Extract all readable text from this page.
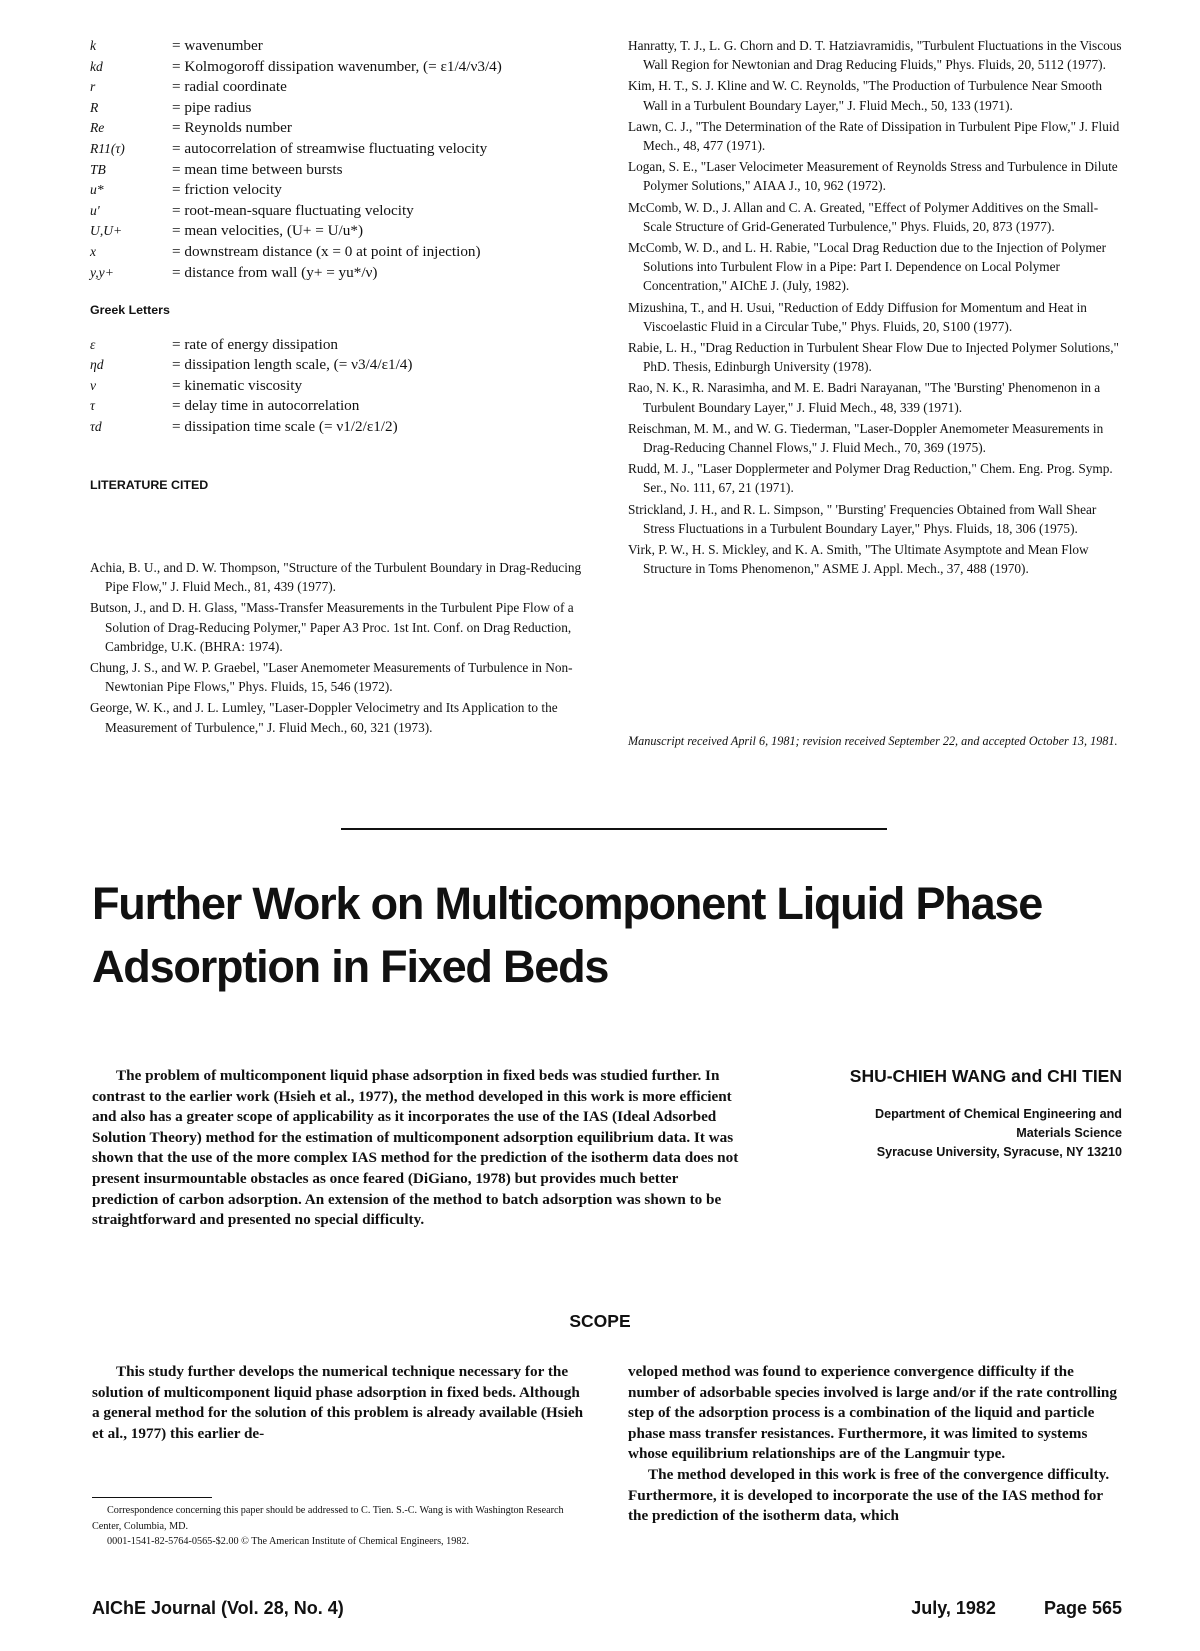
k	= wavenumber
kd	= Kolmogoroff dissipation wavenumber, (= ε1/4/ν3/4)
r	= radial coordinate
R	= pipe radius
Re	= Reynolds number
R11(τ)	= autocorrelation of streamwise fluctuating velocity
TB	= mean time between bursts
u*	= friction velocity
u'	= root-mean-square fluctuating velocity
U,U+	= mean velocities, (U+ = U/u*)
x	= downstream distance (x = 0 at point of injection)
y,y+	= distance from wall (y+ = yu*/ν)
Greek Letters
ε	= rate of energy dissipation
ηd	= dissipation length scale, (= ν3/4/ε1/4)
ν	= kinematic viscosity
τ	= delay time in autocorrelation
τd	= dissipation time scale (= ν1/2/ε1/2)
LITERATURE CITED
Achia, B. U., and D. W. Thompson, "Structure of the Turbulent Boundary in Drag-Reducing Pipe Flow," J. Fluid Mech., 81, 439 (1977).
Butson, J., and D. H. Glass, "Mass-Transfer Measurements in the Turbulent Pipe Flow of a Solution of Drag-Reducing Polymer," Paper A3 Proc. 1st Int. Conf. on Drag Reduction, Cambridge, U.K. (BHRA: 1974).
Chung, J. S., and W. P. Graebel, "Laser Anemometer Measurements of Turbulence in Non-Newtonian Pipe Flows," Phys. Fluids, 15, 546 (1972).
George, W. K., and J. L. Lumley, "Laser-Doppler Velocimetry and Its Application to the Measurement of Turbulence," J. Fluid Mech., 60, 321 (1973).
Hanratty, T. J., L. G. Chorn and D. T. Hatziavramidis, "Turbulent Fluctuations in the Viscous Wall Region for Newtonian and Drag Reducing Fluids," Phys. Fluids, 20, 5112 (1977).
Kim, H. T., S. J. Kline and W. C. Reynolds, "The Production of Turbulence Near Smooth Wall in a Turbulent Boundary Layer," J. Fluid Mech., 50, 133 (1971).
Lawn, C. J., "The Determination of the Rate of Dissipation in Turbulent Pipe Flow," J. Fluid Mech., 48, 477 (1971).
Logan, S. E., "Laser Velocimeter Measurement of Reynolds Stress and Turbulence in Dilute Polymer Solutions," AIAA J., 10, 962 (1972).
McComb, W. D., J. Allan and C. A. Greated, "Effect of Polymer Additives on the Small-Scale Structure of Grid-Generated Turbulence," Phys. Fluids, 20, 873 (1977).
McComb, W. D., and L. H. Rabie, "Local Drag Reduction due to the Injection of Polymer Solutions into Turbulent Flow in a Pipe: Part I. Dependence on Local Polymer Concentration," AIChE J. (July, 1982).
Mizushina, T., and H. Usui, "Reduction of Eddy Diffusion for Momentum and Heat in Viscoelastic Fluid in a Circular Tube," Phys. Fluids, 20, S100 (1977).
Rabie, L. H., "Drag Reduction in Turbulent Shear Flow Due to Injected Polymer Solutions," PhD. Thesis, Edinburgh University (1978).
Rao, N. K., R. Narasimha, and M. E. Badri Narayanan, "The 'Bursting' Phenomenon in a Turbulent Boundary Layer," J. Fluid Mech., 48, 339 (1971).
Reischman, M. M., and W. G. Tiederman, "Laser-Doppler Anemometer Measurements in Drag-Reducing Channel Flows," J. Fluid Mech., 70, 369 (1975).
Rudd, M. J., "Laser Dopplermeter and Polymer Drag Reduction," Chem. Eng. Prog. Symp. Ser., No. 111, 67, 21 (1971).
Strickland, J. H., and R. L. Simpson, " 'Bursting' Frequencies Obtained from Wall Shear Stress Fluctuations in a Turbulent Boundary Layer," Phys. Fluids, 18, 306 (1975).
Virk, P. W., H. S. Mickley, and K. A. Smith, "The Ultimate Asymptote and Mean Flow Structure in Toms Phenomenon," ASME J. Appl. Mech., 37, 488 (1970).
Manuscript received April 6, 1981; revision received September 22, and accepted October 13, 1981.
Further Work on Multicomponent Liquid Phase Adsorption in Fixed Beds

The problem of multicomponent liquid phase adsorption in fixed beds was studied further. In contrast to the earlier work (Hsieh et al., 1977), the method developed in this work is more efficient and also has a greater scope of applicability as it incorporates the use of the IAS (Ideal Adsorbed Solution Theory) method for the estimation of multicomponent adsorption equilibrium data. It was shown that the use of the more complex IAS method for the prediction of the isotherm data does not present insurmountable obstacles as once feared (DiGiano, 1978) but provides much better prediction of carbon adsorption. An extension of the method to batch adsorption was shown to be straightforward and presented no special difficulty.

SHU-CHIEH WANG and CHI TIEN
Department of Chemical Engineering and
Materials Science
Syracuse University, Syracuse, NY 13210
SCOPE

This study further develops the numerical technique necessary for the solution of multicomponent liquid phase adsorption in fixed beds. Although a general method for the solution of this problem is already available (Hsieh et al., 1977) this earlier de-

veloped method was found to experience convergence difficulty if the number of adsorbable species involved is large and/or if the rate controlling step of the adsorption process is a combination of the liquid and particle phase mass transfer resistances. Furthermore, it was limited to systems whose equilibrium relationships are of the Langmuir type.

The method developed in this work is free of the convergence difficulty. Furthermore, it is developed to incorporate the use of the IAS method for the prediction of the isotherm data, which

Correspondence concerning this paper should be addressed to C. Tien. S.-C. Wang is with Washington Research Center, Columbia, MD.
0001-1541-82-5764-0565-$2.00 © The American Institute of Chemical Engineers, 1982.
AIChE Journal (Vol. 28, No. 4)	July, 1982	Page 565
